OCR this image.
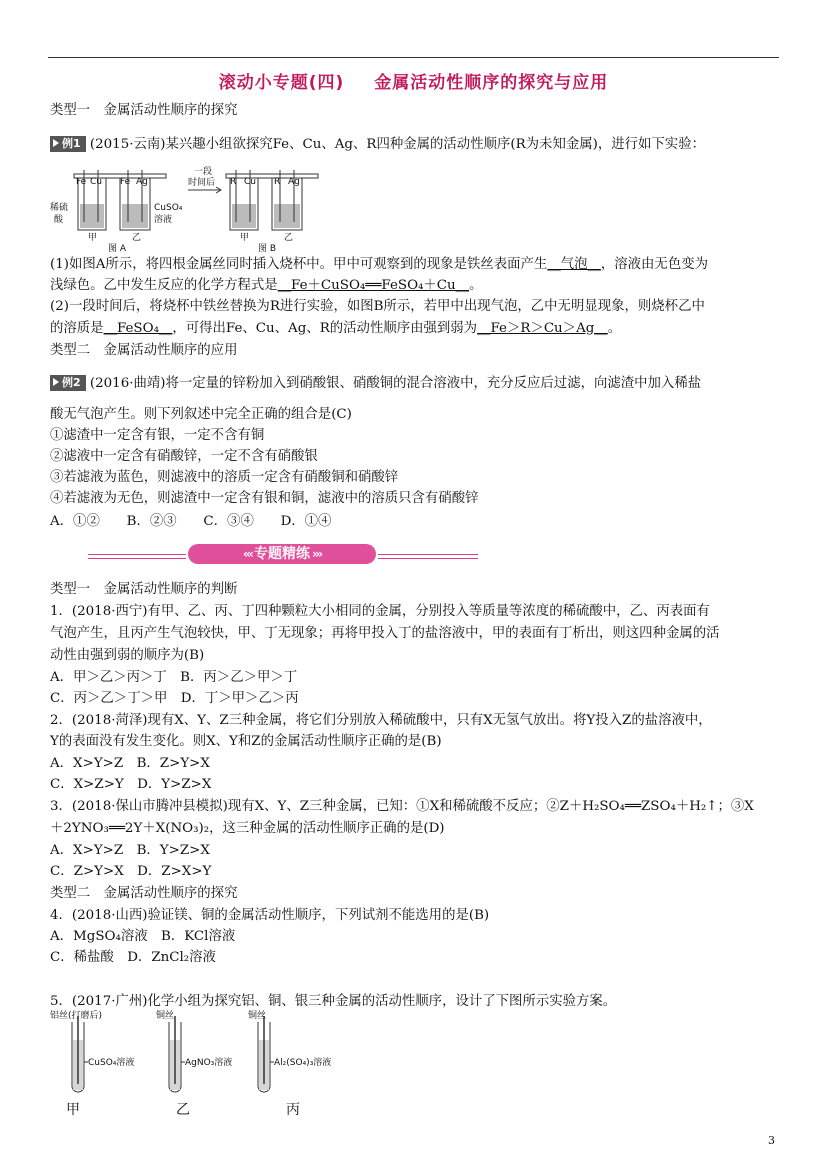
滚动小专题(四) 金属活动性顺序的探究与应用
类型一　金属活动性顺序的探究
例1 (2015·云南)某兴趣小组欲探究Fe、Cu、Ag、R四种金属的活动性顺序(R为未知金属)，进行如下实验：
Fe Cu Fe Ag
稀硫
酸
CuSO₄
溶液
甲	乙
图 A
一段
时间后 R Cu R Ag
甲	乙
图 B
(1)如图A所示，将四根金属丝同时插入烧杯中。甲中可观察到的现象是铁丝表面产生__气泡__，溶液由无色变为
浅绿色。乙中发生反应的化学方程式是__Fe＋CuSO₄══FeSO₄＋Cu__。
(2)一段时间后，将烧杯中铁丝替换为R进行实验，如图B所示，若甲中出现气泡，乙中无明显现象，则烧杯乙中
的溶质是__FeSO₄__，可得出Fe、Cu、Ag、R的活动性顺序由强到弱为__Fe＞R＞Cu＞Ag__。
类型二　金属活动性顺序的应用
例2 (2016·曲靖)将一定量的锌粉加入到硝酸银、硝酸铜的混合溶液中，充分反应后过滤，向滤渣中加入稀盐
酸无气泡产生。则下列叙述中完全正确的组合是(C)
①滤渣中一定含有银，一定不含有铜
②滤液中一定含有硝酸锌，一定不含有硝酸银
③若滤液为蓝色，则滤液中的溶质一定含有硝酸铜和硝酸锌
④若滤液为无色，则滤渣中一定含有银和铜，滤液中的溶质只含有硝酸锌
A．①②　　B．②③　　C．③④　　D．①④
‹‹‹ 专题精练 ›››
类型一　金属活动性顺序的判断
1．(2018·西宁)有甲、乙、丙、丁四种颗粒大小相同的金属，分别投入等质量等浓度的稀硫酸中，乙、丙表面有
气泡产生，且丙产生气泡较快，甲、丁无现象；再将甲投入丁的盐溶液中，甲的表面有丁析出，则这四种金属的活
动性由强到弱的顺序为(B)
A．甲＞乙＞丙＞丁　B．丙＞乙＞甲＞丁
C．丙＞乙＞丁＞甲　D．丁＞甲＞乙＞丙
2．(2018·菏泽)现有X、Y、Z三种金属，将它们分别放入稀硫酸中，只有X无氢气放出。将Y投入Z的盐溶液中，
Y的表面没有发生变化。则X、Y和Z的金属活动性顺序正确的是(B)
A．X>Y>Z　B．Z>Y>X
C．X>Z>Y　D．Y>Z>X
3．(2018·保山市腾冲县模拟)现有X、Y、Z三种金属，已知：①X和稀硫酸不反应；②Z＋H₂SO₄══ZSO₄＋H₂↑；③X
＋2YNO₃══2Y＋X(NO₃)₂，这三种金属的活动性顺序正确的是(D)
A．X>Y>Z　B．Y>Z>X
C．Z>Y>X　D．Z>X>Y
类型二　金属活动性顺序的探究
4．(2018·山西)验证镁、铜的金属活动性顺序，下列试剂不能选用的是(B)
A．MgSO₄溶液　B．KCl溶液
C．稀盐酸　D．ZnCl₂溶液
5．(2017·广州)化学小组为探究铝、铜、银三种金属的活动性顺序，设计了下图所示实验方案。
铝丝(打磨后)
CuSO₄溶液
铜丝
AgNO₃溶液
铜丝
Al₂(SO₄)₃溶液
甲	乙	丙
3
